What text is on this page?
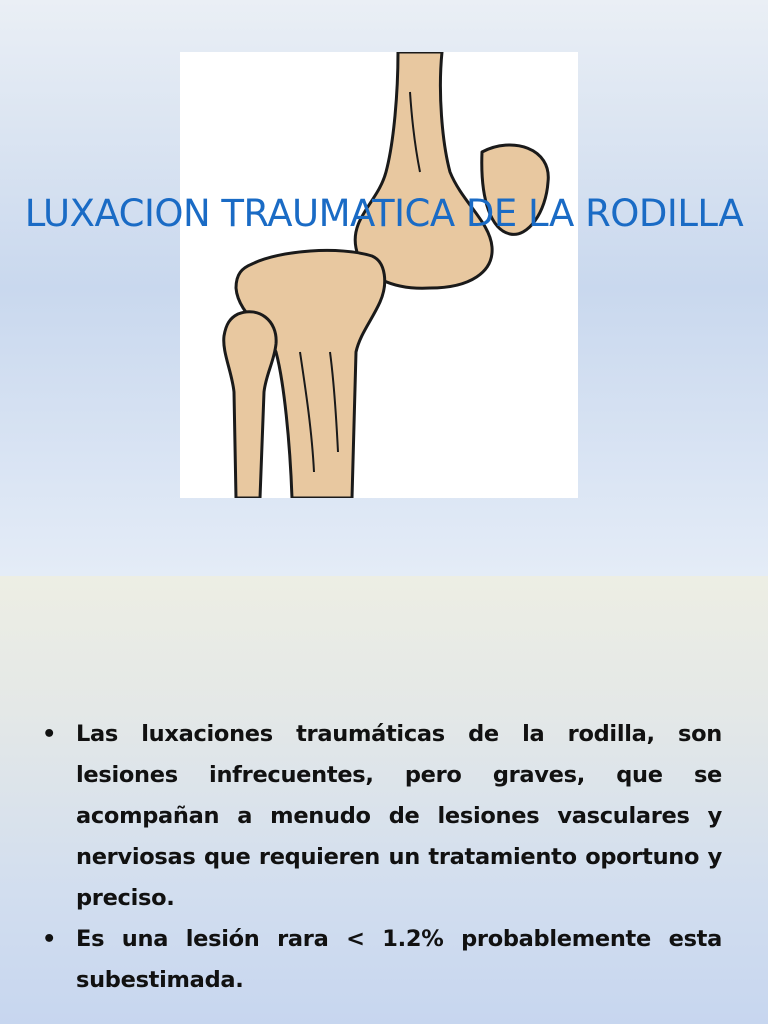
LUXACION TRAUMATICA DE LA RODILLA
• Las luxaciones traumáticas de la rodilla, son lesiones infrecuentes, pero graves, que se acompañan a menudo de lesiones vasculares y nerviosas que requieren un tratamiento oportuno y preciso.
• Es una lesión rara < 1.2% probablemente esta subestimada.
